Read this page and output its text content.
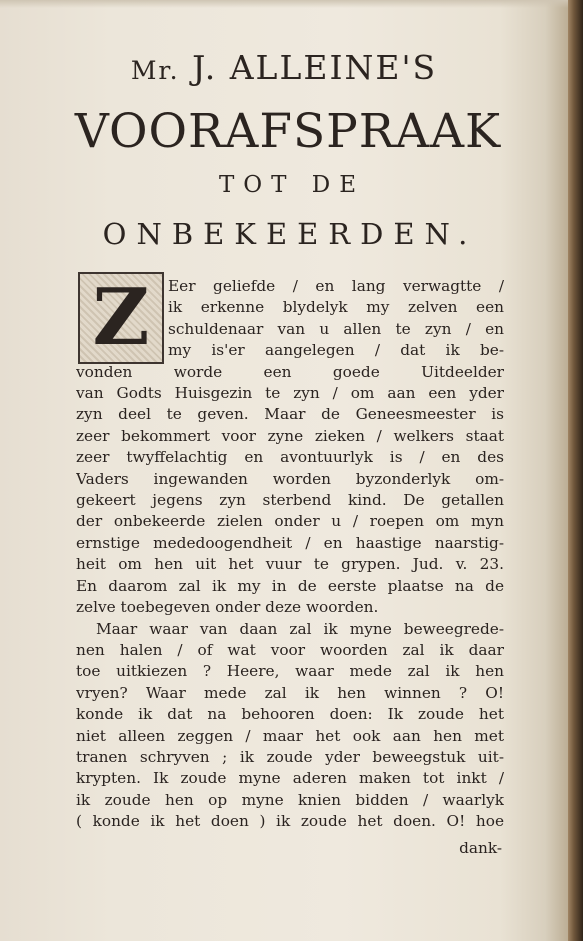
Mr. J. ALLEINE'S
VOORAFSPRAAK
TOT DE
ONBEKEERDEN.
Z	Eer geliefde / en lang verwagtte /
ik erkenne blydelyk my zelven een
schuldenaar van u allen te zyn / en
my is'er aangelegen / dat ik be-
vonden worde een goede Uitdeelder
van Godts Huisgezin te zyn / om aan een yder
zyn deel te geven. Maar de Geneesmeester is
zeer bekommert voor zyne zieken / welkers staat
zeer twyffelachtig en avontuurlyk is / en des
Vaders ingewanden worden byzonderlyk om-
gekeert jegens zyn sterbend kind. De getallen
der onbekeerde zielen onder u / roepen om myn
ernstige mededoogendheit / en haastige naarstig-
heit om hen uit het vuur te grypen. Jud. v. 23.
En daarom zal ik my in de eerste plaatse na de
zelve toebegeven onder deze woorden.
Maar waar van daan zal ik myne beweegrede-
nen halen / of wat voor woorden zal ik daar
toe uitkiezen ? Heere, waar mede zal ik hen
vryen? Waar mede zal ik hen winnen ? O!
konde ik dat na behooren doen: Ik zoude het
niet alleen zeggen / maar het ook aan hen met
tranen schryven ; ik zoude yder beweegstuk uit-
krypten. Ik zoude myne aderen maken tot inkt /
ik zoude hen op myne knien bidden / waarlyk
( konde ik het doen ) ik zoude het doen. O! hoe
dank-
